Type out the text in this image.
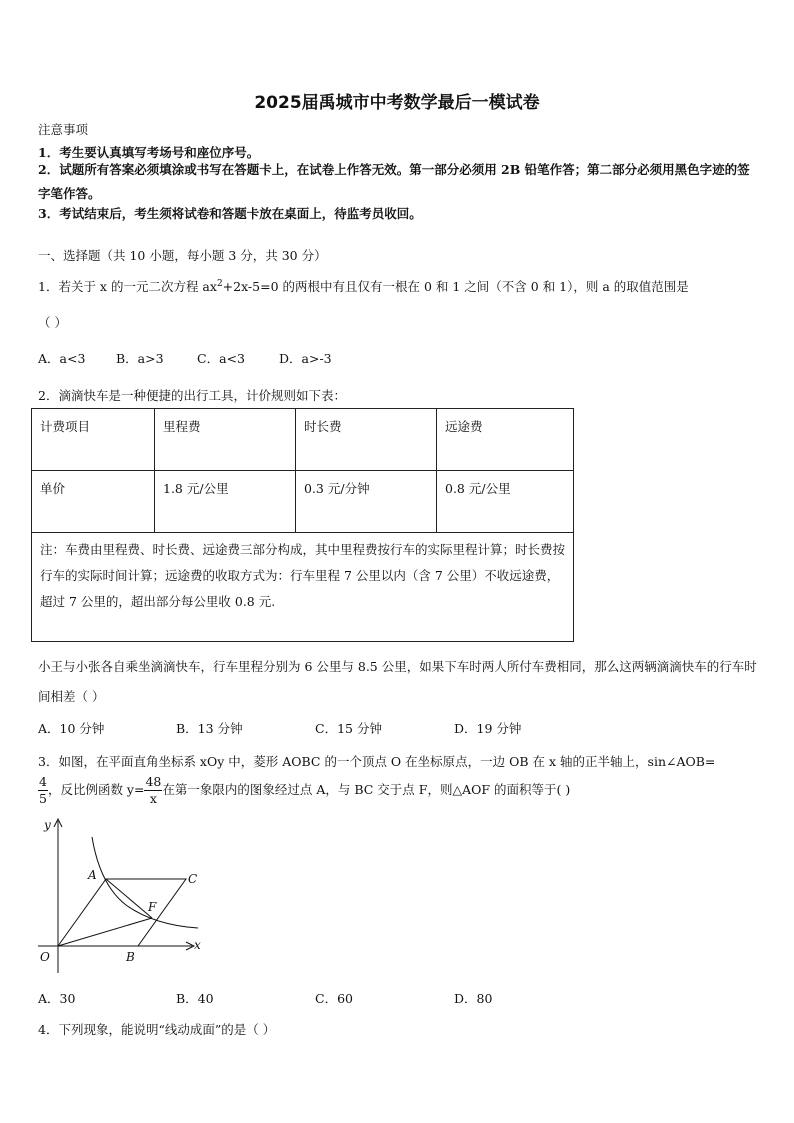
2025届禹城市中考数学最后一模试卷
注意事项
1．考生要认真填写考场号和座位序号。
2．试题所有答案必须填涂或书写在答题卡上，在试卷上作答无效。第一部分必须用 2B 铅笔作答；第二部分必须用黑色字迹的签字笔作答。
3．考试结束后，考生须将试卷和答题卡放在桌面上，待监考员收回。
一、选择题（共 10 小题，每小题 3 分，共 30 分）
1．若关于 x 的一元二次方程 $ax^2+2x-5=0$ 的两根中有且仅有一根在 0 和 1 之间（不含 0 和 1），则 a 的取值范围是
（ ）
A．a<3 B．a>3	C．a<3	D．a>-3
2．滴滴快车是一种便捷的出行工具，计价规则如下表：
计费项目	里程费	时长费	远途费
单价	1.8 元/公里	0.3 元/分钟	0.8 元/公里
注：车费由里程费、时长费、远途费三部分构成，其中里程费按行车的实际里程计算；时长费按行车的实际时间计算；远途费的收取方式为：行车里程 7 公里以内（含 7 公里）不收远途费，超过 7 公里的，超出部分每公里收 0.8 元.			
小王与小张各自乘坐滴滴快车，行车里程分别为 6 公里与 8.5 公里，如果下车时两人所付车费相同，那么这两辆滴滴快车的行车时间相差（ ）
A．10 分钟	B．13 分钟	C．15 分钟	D．19 分钟
3．如图，在平面直角坐标系 xOy 中，菱形 AOBC 的一个顶点 O 在坐标原点，一边 OB 在 x 轴的正半轴上，sin∠AOB=
$\frac{4}{5}$ ，反比例函数 $y= \frac{48}{x}$ 在第一象限内的图象经过点 A，与 BC 交于点 F，则△AOF 的面积等于( )
y
x
O
A
B
C
F
A．30	B．40	C．60	D．80
4．下列现象，能说明“线动成面”的是（ ）
